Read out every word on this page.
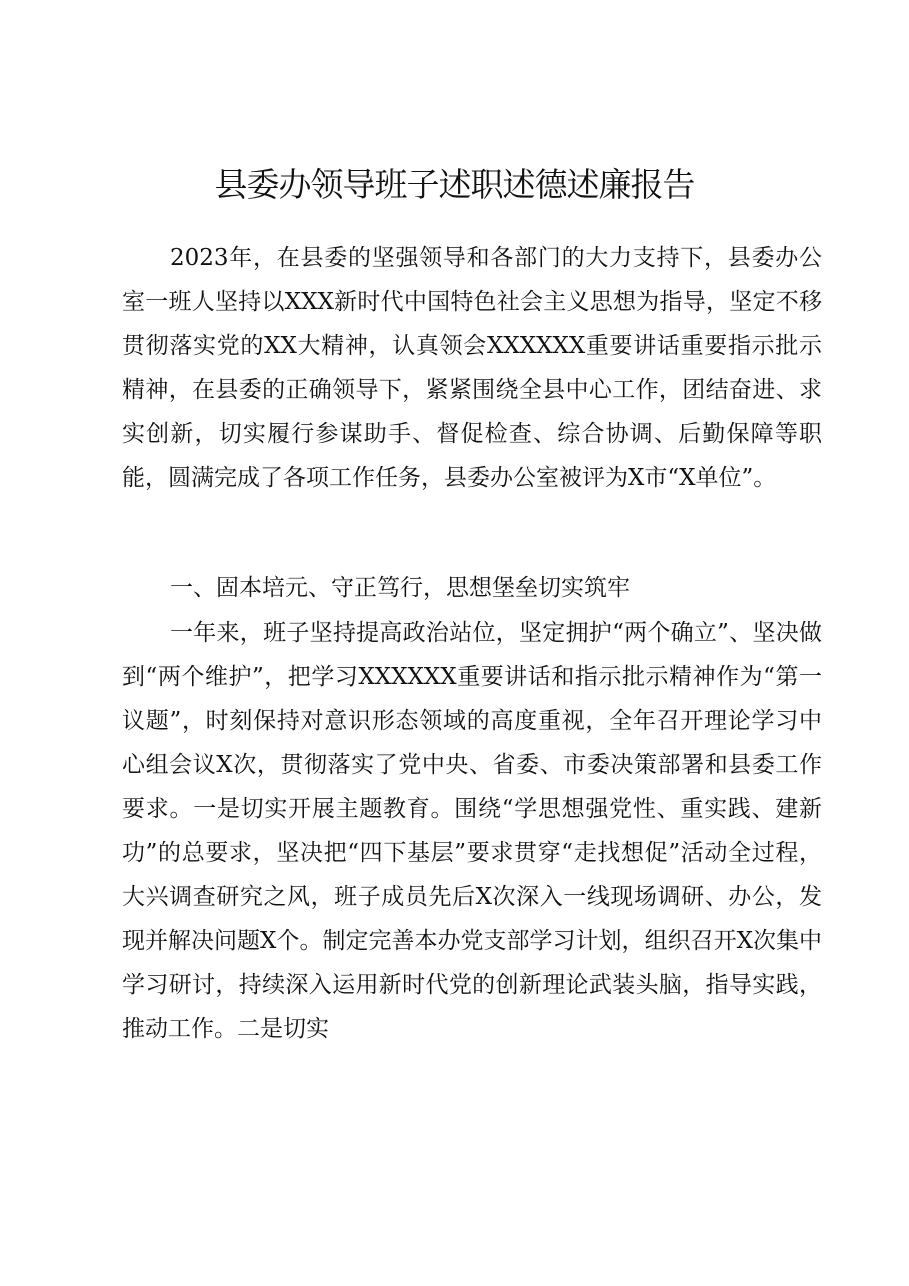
县委办领导班子述职述德述廉报告
2023年，在县委的坚强领导和各部门的大力支持下，县委办公室一班人坚持以XXX新时代中国特色社会主义思想为指导，坚定不移贯彻落实党的XX大精神，认真领会XXXXXX重要讲话重要指示批示精神，在县委的正确领导下，紧紧围绕全县中心工作，团结奋进、求实创新，切实履行参谋助手、督促检查、综合协调、后勤保障等职能，圆满完成了各项工作任务，县委办公室被评为X市“X单位”。
一、固本培元、守正笃行，思想堡垒切实筑牢
一年来，班子坚持提高政治站位，坚定拥护“两个确立”、坚决做到“两个维护”，把学习XXXXXX重要讲话和指示批示精神作为“第一议题”，时刻保持对意识形态领域的高度重视，全年召开理论学习中心组会议X次，贯彻落实了党中央、省委、市委决策部署和县委工作要求。一是切实开展主题教育。围绕“学思想强党性、重实践、建新功”的总要求，坚决把“四下基层”要求贯穿“走找想促”活动全过程，大兴调查研究之风，班子成员先后X次深入一线现场调研、办公，发现并解决问题X个。制定完善本办党支部学习计划，组织召开X次集中学习研讨，持续深入运用新时代党的创新理论武装头脑，指导实践，推动工作。二是切实
